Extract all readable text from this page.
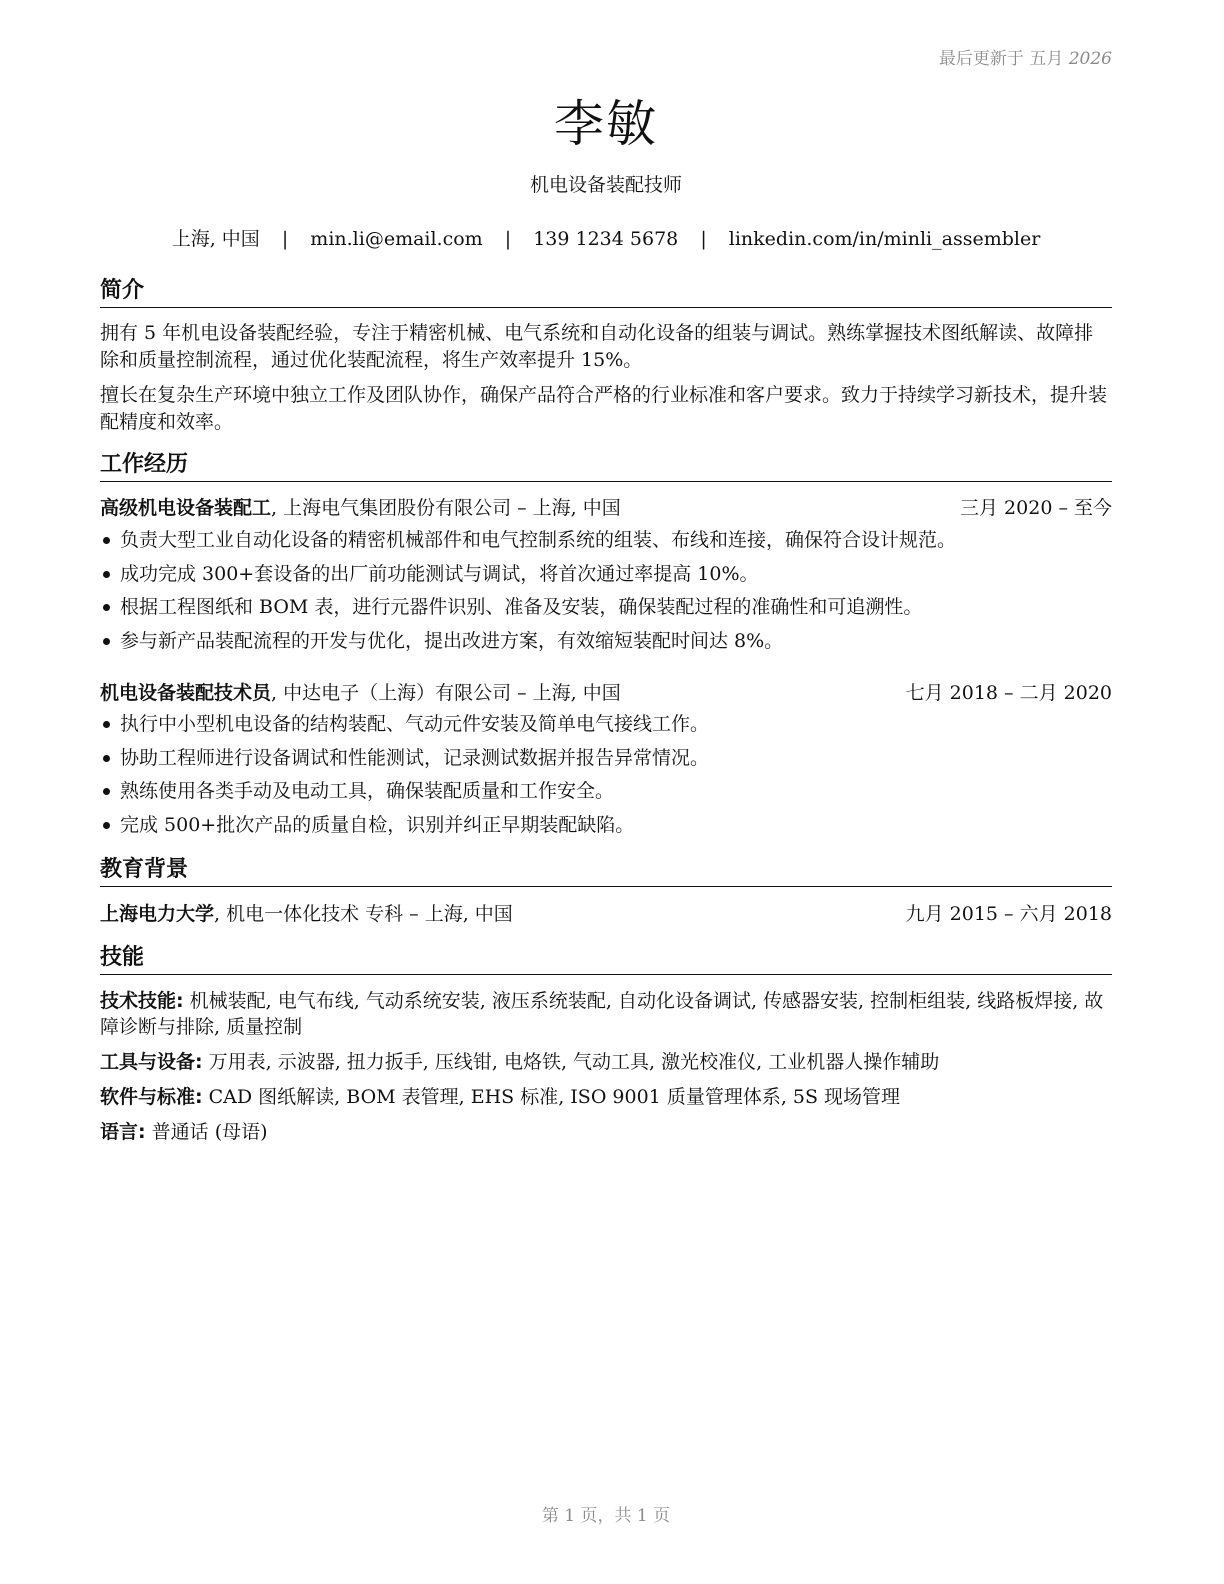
最后更新于 五月 2026
李敏
机电设备装配技师
上海, 中国 | min.li@email.com | 139 1234 5678 | linkedin.com/in/minli_assembler
简介
拥有 5 年机电设备装配经验，专注于精密机械、电气系统和自动化设备的组装与调试。熟练掌握技术图纸解读、故障排除和质量控制流程，通过优化装配流程，将生产效率提升 15%。
擅长在复杂生产环境中独立工作及团队协作，确保产品符合严格的行业标准和客户要求。致力于持续学习新技术，提升装配精度和效率。
工作经历
高级机电设备装配工, 上海电气集团股份有限公司 – 上海, 中国	三月 2020 – 至今
负责大型工业自动化设备的精密机械部件和电气控制系统的组装、布线和连接，确保符合设计规范。
成功完成 300+套设备的出厂前功能测试与调试，将首次通过率提高 10%。
根据工程图纸和 BOM 表，进行元器件识别、准备及安装，确保装配过程的准确性和可追溯性。
参与新产品装配流程的开发与优化，提出改进方案，有效缩短装配时间达 8%。
机电设备装配技术员, 中达电子（上海）有限公司 – 上海, 中国	七月 2018 – 二月 2020
执行中小型机电设备的结构装配、气动元件安装及简单电气接线工作。
协助工程师进行设备调试和性能测试，记录测试数据并报告异常情况。
熟练使用各类手动及电动工具，确保装配质量和工作安全。
完成 500+批次产品的质量自检，识别并纠正早期装配缺陷。
教育背景
上海电力大学, 机电一体化技术 专科 – 上海, 中国	九月 2015 – 六月 2018
技能
技术技能: 机械装配, 电气布线, 气动系统安装, 液压系统装配, 自动化设备调试, 传感器安装, 控制柜组装, 线路板焊接, 故障诊断与排除, 质量控制
工具与设备: 万用表, 示波器, 扭力扳手, 压线钳, 电烙铁, 气动工具, 激光校准仪, 工业机器人操作辅助
软件与标准: CAD 图纸解读, BOM 表管理, EHS 标准, ISO 9001 质量管理体系, 5S 现场管理
语言: 普通话 (母语)
第 1 页，共 1 页
